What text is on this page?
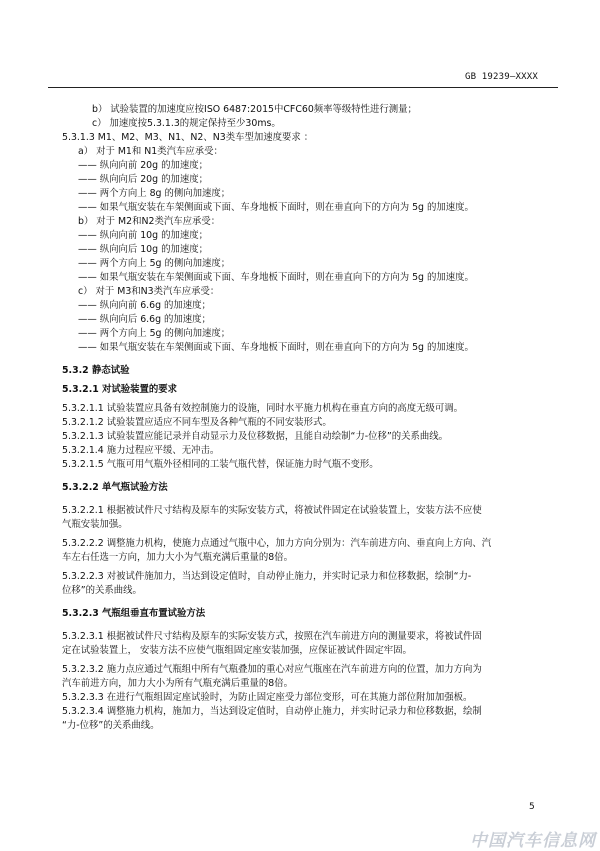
GB 19239—XXXX
b） 试验装置的加速度应按ISO 6487:2015中CFC60频率等级特性进行测量；
c） 加速度按5.3.1.3的规定保持至少30ms。
5.3.1.3 M1、M2、M3、N1、N2、N3类车型加速度要求 ：
a） 对于 M1和 N1类汽车应承受：
—— 纵向向前 20g 的加速度；
—— 纵向向后 20g 的加速度；
—— 两个方向上 8g 的侧向加速度；
—— 如果气瓶安装在车架侧面或下面、车身地板下面时，则在垂直向下的方向为 5g 的加速度。
b） 对于 M2和N2类汽车应承受：
—— 纵向向前 10g 的加速度；
—— 纵向向后 10g 的加速度；
—— 两个方向上 5g 的侧向加速度；
—— 如果气瓶安装在车架侧面或下面、车身地板下面时，则在垂直向下的方向为 5g 的加速度。
c） 对于 M3和N3类汽车应承受：
—— 纵向向前 6.6g 的加速度；
—— 纵向向后 6.6g 的加速度；
—— 两个方向上 5g 的侧向加速度；
—— 如果气瓶安装在车架侧面或下面、车身地板下面时，则在垂直向下的方向为 5g 的加速度。
5.3.2 静态试验
5.3.2.1 对试验装置的要求
5.3.2.1.1 试验装置应具备有效控制施力的设施，同时水平施力机构在垂直方向的高度无级可调。
5.3.2.1.2 试验装置应适应不同车型及各种气瓶的不同安装形式。
5.3.2.1.3 试验装置应能记录并自动显示力及位移数据，且能自动绘制“力-位移”的关系曲线。
5.3.2.1.4 施力过程应平缓、无冲击。
5.3.2.1.5 气瓶可用气瓶外径相同的工装气瓶代替，保证施力时气瓶不变形。
5.3.2.2 单气瓶试验方法
5.3.2.2.1 根据被试件尺寸结构及原车的实际安装方式，将被试件固定在试验装置上，安装方法不应使
气瓶安装加强。
5.3.2.2.2 调整施力机构，使施力点通过气瓶中心，加力方向分别为：汽车前进方向、垂直向上方向、汽
车左右任选一方向，加力大小为气瓶充满后重量的8倍。
5.3.2.2.3 对被试件施加力，当达到设定值时，自动停止施力，并实时记录力和位移数据，绘制“力-
位移”的关系曲线。
5.3.2.3 气瓶组垂直布置试验方法
5.3.2.3.1 根据被试件尺寸结构及原车的实际安装方式，按照在汽车前进方向的测量要求，将被试件固
定在试验装置上， 安装方法不应使气瓶组固定座安装加强，应保证被试件固定牢固。
5.3.2.3.2 施力点应通过气瓶组中所有气瓶叠加的重心对应气瓶座在汽车前进方向的位置，加力方向为
汽车前进方向，加力大小为所有气瓶充满后重量的8倍。
5.3.2.3.3 在进行气瓶组固定座试验时，为防止固定座受力部位变形，可在其施力部位附加加强板。
5.3.2.3.4 调整施力机构，施加力，当达到设定值时，自动停止施力，并实时记录力和位移数据，绘制
“力-位移”的关系曲线。
5
中国汽车信息网
